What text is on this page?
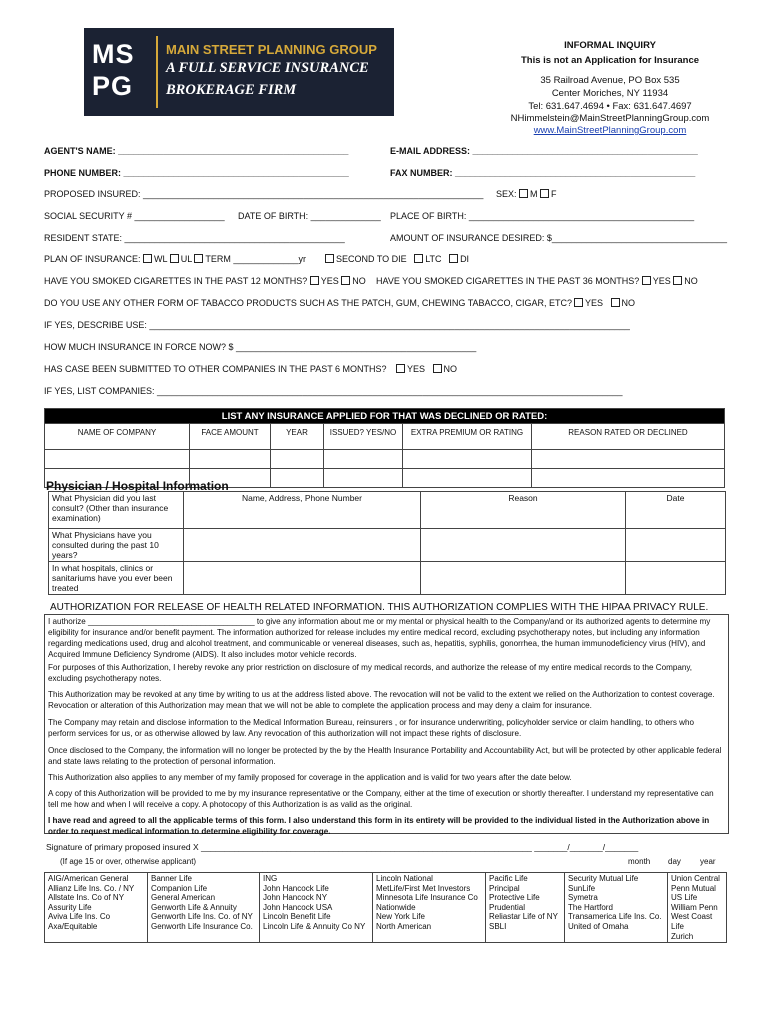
MS
PG
MAIN STREET PLANNING GROUP
A FULL SERVICE INSURANCE
BROKERAGE FIRM
INFORMAL INQUIRY
This is not an Application for Insurance
35 Railroad Avenue, PO Box 535
Center Moriches, NY 11934
Tel: 631.647.4694 • Fax: 631.647.4697
NHimmelstein@MainStreetPlanningGroup.com
www.MainStreetPlanningGroup.com
AGENT'S NAME: ______________________________________________	E-MAIL ADDRESS: _____________________________________________
PHONE NUMBER: _____________________________________________	FAX NUMBER: ________________________________________________
PROPOSED INSURED: ____________________________________________________________________ SEX: M F
SOCIAL SECURITY # __________________ DATE OF BIRTH: ______________ PLACE OF BIRTH: _____________________________________________
RESIDENT STATE: ____________________________________________	AMOUNT OF INSURANCE DESIRED: $___________________________________
PLAN OF INSURANCE: WL UL TERM _____________yr	SECOND TO DIE LTC DI
HAVE YOU SMOKED CIGARETTES IN THE PAST 12 MONTHS? YES NO HAVE YOU SMOKED CIGARETTES IN THE PAST 36 MONTHS? YES NO
DO YOU USE ANY OTHER FORM OF TABACCO PRODUCTS SUCH AS THE PATCH, GUM, CHEWING TABACCO, CIGAR, ETC?	YES NO
IF YES, DESCRIBE USE: ________________________________________________________________________________________________
HOW MUCH INSURANCE IN FORCE NOW? $ ________________________________________________
HAS CASE BEEN SUBMITTED TO OTHER COMPANIES IN THE PAST 6 MONTHS?	YES NO
IF YES, LIST COMPANIES: _____________________________________________________________________________________________
LIST ANY INSURANCE APPLIED FOR THAT WAS DECLINED OR RATED:					
NAME OF COMPANY	FACE AMOUNT	YEAR	ISSUED? YES/NO	EXTRA PREMIUM OR RATING	REASON RATED OR DECLINED

Physician / Hospital Information
What Physician did you last consult? (Other than insurance examination)	Name, Address, Phone Number	Reason	Date
What Physicians have you consulted during the past 10 years?			
In what hospitals, clinics or sanitariums have you ever been treated			
AUTHORIZATION FOR RELEASE OF HEALTH RELATED INFORMATION. THIS AUTHORIZATION COMPLIES WITH THE HIPAA PRIVACY RULE.
I authorize _____________________________________ to give any information about me or my mental or physical health to the Company/and or its authorized agents to determine my eligibility for insurance and/or benefit payment. The information authorized for release includes my entire medical record, excluding psychotherapy notes, but including any information regarding medications used, drug and alcohol treatment, and communicable or venereal diseases, such as, hepatitis, syphilis, gonorrhea, the human immunodeficiency virus (HIV), and Acquired Immune Deficiency Syndrome (AIDS). It also includes motor vehicle records.
For purposes of this Authorization, I hereby revoke any prior restriction on disclosure of my medical records, and authorize the release of my entire medical records to the Company, excluding psychotherapy notes.
This Authorization may be revoked at any time by writing to us at the address listed above. The revocation will not be valid to the extent we relied on the Authorization to contest coverage. Revocation or alteration of this Authorization may mean that we will not be able to complete the application process and may deny a claim for insurance.
The Company may retain and disclose information to the Medical Information Bureau, reinsurers , or for insurance underwriting, policyholder service or claim handling, to others who perform services for us, or as otherwise allowed by law. Any revocation of this authorization will not impact these rights of disclosure.
Once disclosed to the Company, the information will no longer be protected by the by the Health Insurance Portability and Accountability Act, but will be protected by other applicable federal and state laws relating to the protection of personal information.
This Authorization also applies to any member of my family proposed for coverage in the application and is valid for two years after the date below.
A copy of this Authorization will be provided to me by my insurance representative or the Company, either at the time of execution or shortly thereafter. I understand my representative can tell me how and when I will receive a copy. A photocopy of this Authorization is as valid as the original.
I have read and agreed to all the applicable terms of this form. I also understand this form in its entirety will be provided to the individual listed in the Authorization above in order to request medical information to determine eligibility for coverage.
Signature of primary proposed insured X ______________________________________________________________________ _______/_______/_______
(If age 15 or over, otherwise applicant)	month day year
AIG/American General
Allianz Life Ins. Co. / NY
Allstate Ins. Co of NY
Assurity Life
Aviva Life Ins. Co
Axa/Equitable

Banner Life
Companion Life
General American
Genworth Life & Annuity
Genworth Life Ins. Co. of NY
Genworth Life Insurance Co.

ING
John Hancock Life
John Hancock NY
John Hancock USA
Lincoln Benefit Life
Lincoln Life & Annuity Co NY

Lincoln National
MetLife/First Met Investors
Minnesota Life Insurance Co
Nationwide
New York Life
North American

Pacific Life
Principal
Protective Life
Prudential
Reliastar Life of NY
SBLI

Security Mutual Life
SunLife
Symetra
The Hartford
Transamerica Life Ins. Co.
United of Omaha

Union Central
Penn Mutual
US Life
William Penn
West Coast Life
Zurich
